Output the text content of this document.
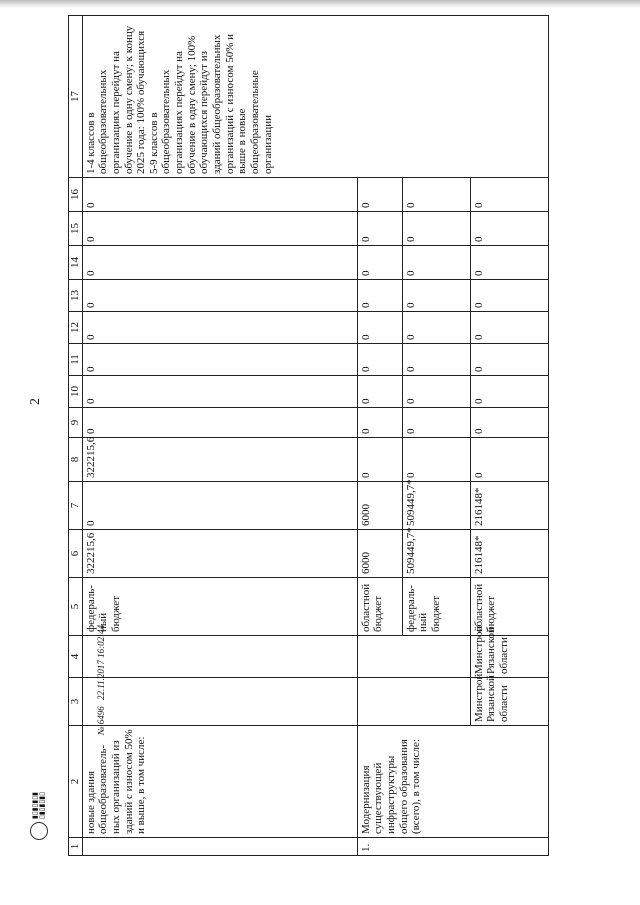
2
1	2	3	4	5	6	7	8	9	10	11	12	13	14	15	16	17
	новые здания общеобразователь-ных организаций из зданий с износом 50% и выше, в том числе:			федераль-ный бюджет	322215,6	0	322215,6	0	0	0	0	0	0	0	0	1-4 классов в общеобразовательных организациях перейдут на обучение в одну смену; к концу 2025 года: 100% обучающихся 5-9 классов в общеобразовательных организациях перейдут на обучение в одну смену; 100% обучающихся перейдут из зданий общеобразовательных организаций с износом 50% и выше в новые общеобразовательные организации
1.	Модернизация существующей инфраструктуры общего образования (всего), в том числе:			областной бюджет	6000	6000	0	0	0	0	0	0	0	0	0	
				федераль-ный бюджет	509449,7*	509449,7*	0	0	0	0	0	0	0	0	0	
		Минстрой Рязанской области	Минстрой Рязанской области	областной бюджет	216148*	216148*	0	0	0	0	0	0	0	0	0	
▮▯▮▯▮▯▮ ▯▮▯▮▯▮▯
№ 6496 22.11.2017 16:02:44
